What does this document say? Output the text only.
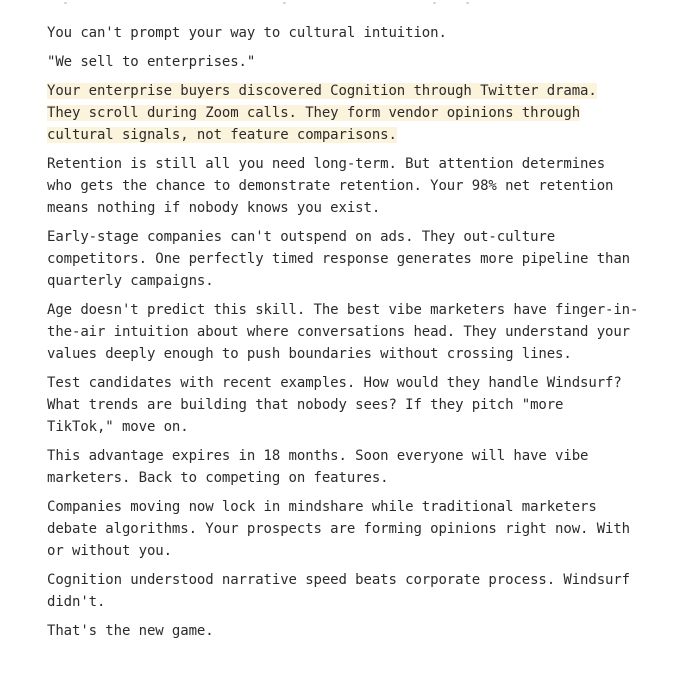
You can't prompt your way to cultural intuition.

"We sell to enterprises."

Your enterprise buyers discovered Cognition through Twitter drama.
They scroll during Zoom calls. They form vendor opinions through
cultural signals, not feature comparisons.

Retention is still all you need long-term. But attention determines
who gets the chance to demonstrate retention. Your 98% net retention
means nothing if nobody knows you exist.

Early-stage companies can't outspend on ads. They out-culture
competitors. One perfectly timed response generates more pipeline than
quarterly campaigns.

Age doesn't predict this skill. The best vibe marketers have finger-in-
the-air intuition about where conversations head. They understand your
values deeply enough to push boundaries without crossing lines.

Test candidates with recent examples. How would they handle Windsurf?
What trends are building that nobody sees? If they pitch "more
TikTok," move on.

This advantage expires in 18 months. Soon everyone will have vibe
marketers. Back to competing on features.

Companies moving now lock in mindshare while traditional marketers
debate algorithms. Your prospects are forming opinions right now. With
or without you.

Cognition understood narrative speed beats corporate process. Windsurf
didn't.

That's the new game.
